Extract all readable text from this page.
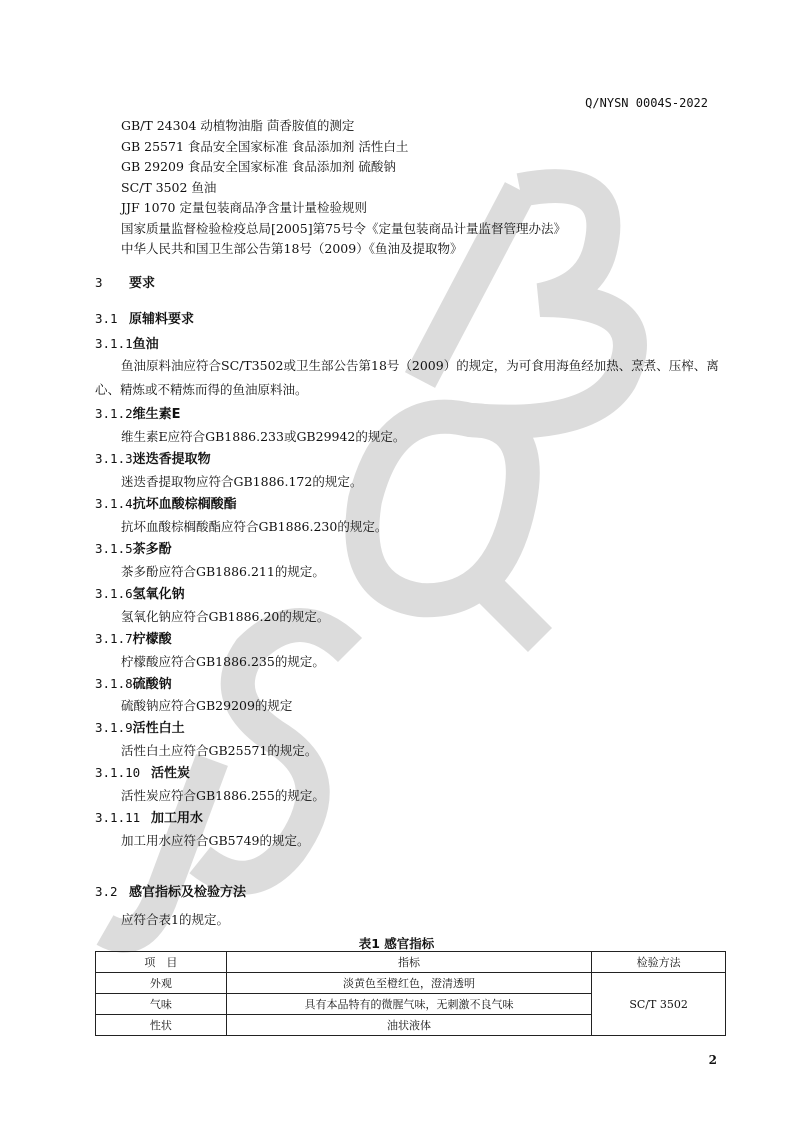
Q/NYSN 0004S-2022
GB/T 24304 动植物油脂 茴香胺值的测定
GB 25571 食品安全国家标准 食品添加剂 活性白土
GB 29209 食品安全国家标准 食品添加剂 硫酸钠
SC/T 3502 鱼油
JJF 1070 定量包装商品净含量计量检验规则
国家质量监督检验检疫总局[2005]第75号令《定量包装商品计量监督管理办法》
中华人民共和国卫生部公告第18号（2009）《鱼油及提取物》
3 要求
3.1 原辅料要求
3.1.1鱼油
鱼油原料油应符合SC/T3502或卫生部公告第18号（2009）的规定，为可食用海鱼经加热、烹煮、压榨、离心、精炼或不精炼而得的鱼油原料油。
3.1.2维生素E
维生素E应符合GB1886.233或GB29942的规定。
3.1.3迷迭香提取物
迷迭香提取物应符合GB1886.172的规定。
3.1.4抗坏血酸棕榈酸酯
抗坏血酸棕榈酸酯应符合GB1886.230的规定。
3.1.5茶多酚
茶多酚应符合GB1886.211的规定。
3.1.6氢氧化钠
氢氧化钠应符合GB1886.20的规定。
3.1.7柠檬酸
柠檬酸应符合GB1886.235的规定。
3.1.8硫酸钠
硫酸钠应符合GB29209的规定
3.1.9活性白土
活性白土应符合GB25571的规定。
3.1.10 活性炭
活性炭应符合GB1886.255的规定。
3.1.11 加工用水
加工用水应符合GB5749的规定。
3.2 感官指标及检验方法
应符合表1的规定。
表1 感官指标
项　目	指标	检验方法
外观	淡黄色至橙红色，澄清透明	SC/T 3502
气味	具有本品特有的微腥气味，无刺激不良气味	
性状	油状液体	
2
